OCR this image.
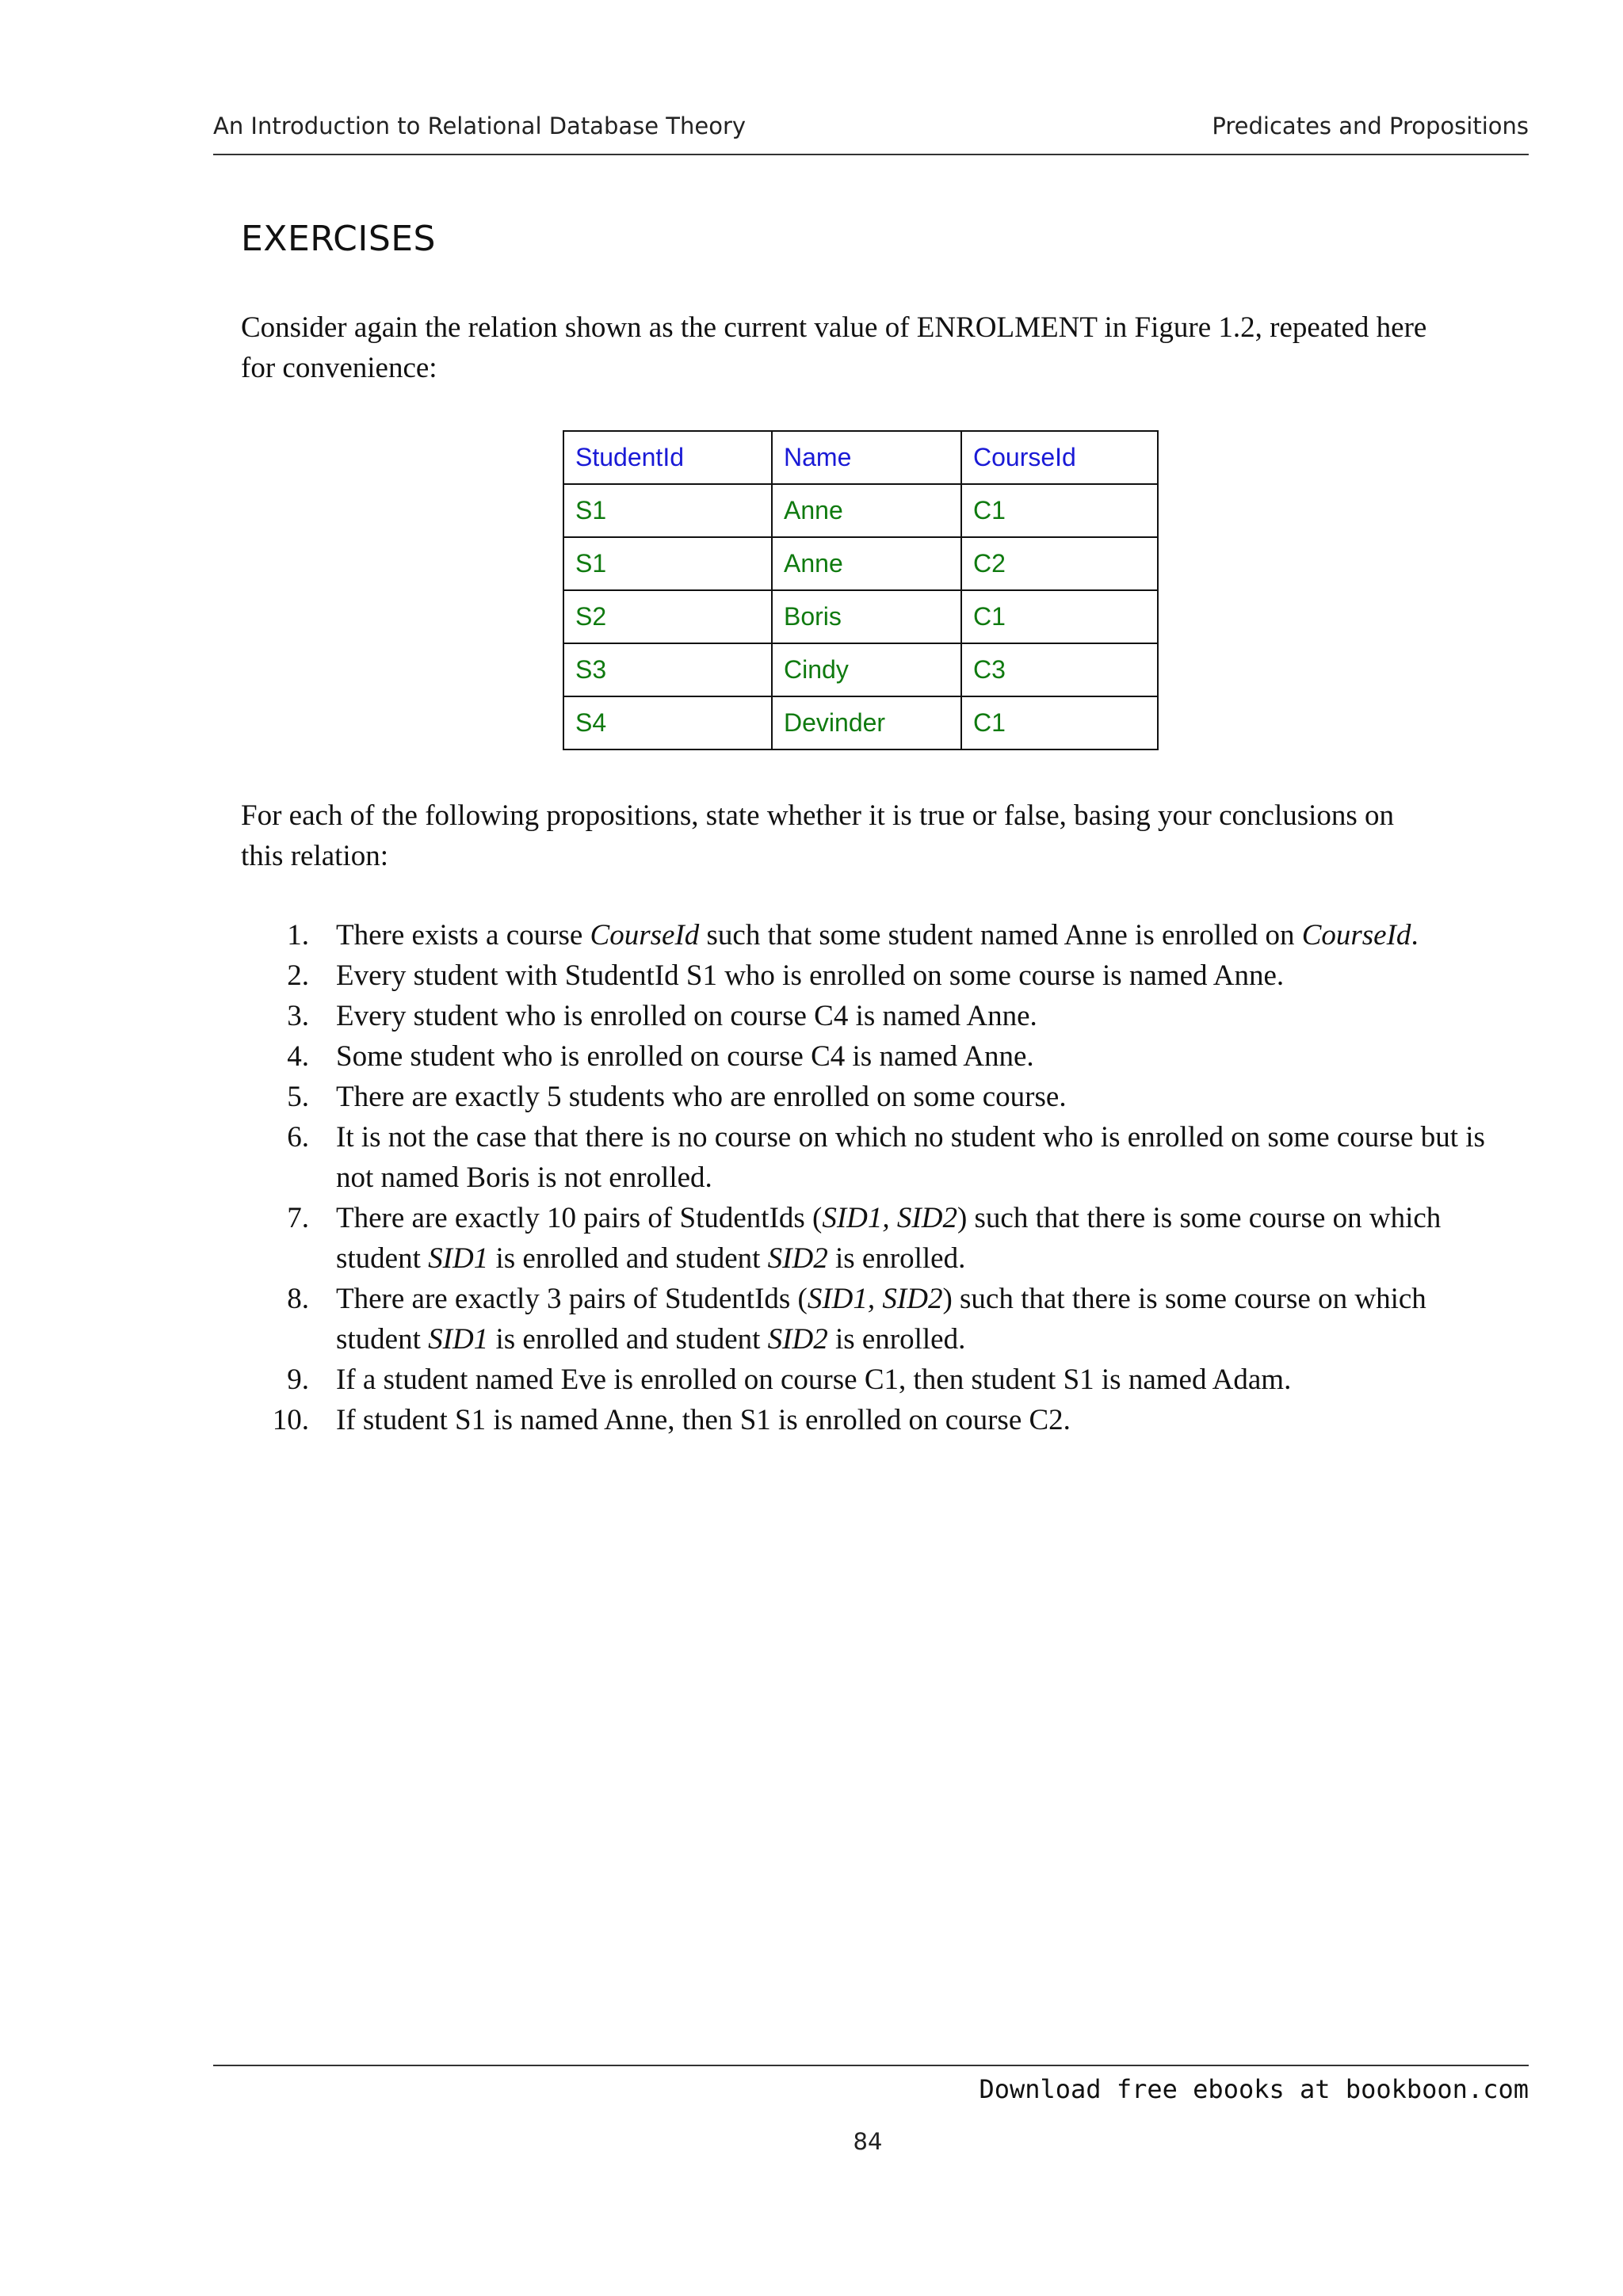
An Introduction to Relational Database Theory	Predicates and Propositions
EXERCISES

Consider again the relation shown as the current value of ENROLMENT in Figure 1.2, repeated here
for convenience:

StudentId	Name	CourseId
S1	Anne	C1
S1	Anne	C2
S2	Boris	C1
S3	Cindy	C3
S4	Devinder	C1

For each of the following propositions, state whether it is true or false, basing your conclusions on
this relation:

1. There exists a course CourseId such that some student named Anne is enrolled on CourseId.
2. Every student with StudentId S1 who is enrolled on some course is named Anne.
3. Every student who is enrolled on course C4 is named Anne.
4. Some student who is enrolled on course C4 is named Anne.
5. There are exactly 5 students who are enrolled on some course.
6. It is not the case that there is no course on which no student who is enrolled on some course but is
not named Boris is not enrolled.
7. There are exactly 10 pairs of StudentIds (SID1, SID2) such that there is some course on which
student SID1 is enrolled and student SID2 is enrolled.
8. There are exactly 3 pairs of StudentIds (SID1, SID2) such that there is some course on which
student SID1 is enrolled and student SID2 is enrolled.
9. If a student named Eve is enrolled on course C1, then student S1 is named Adam.
10. If student S1 is named Anne, then S1 is enrolled on course C2.
Download free ebooks at bookboon.com
84
